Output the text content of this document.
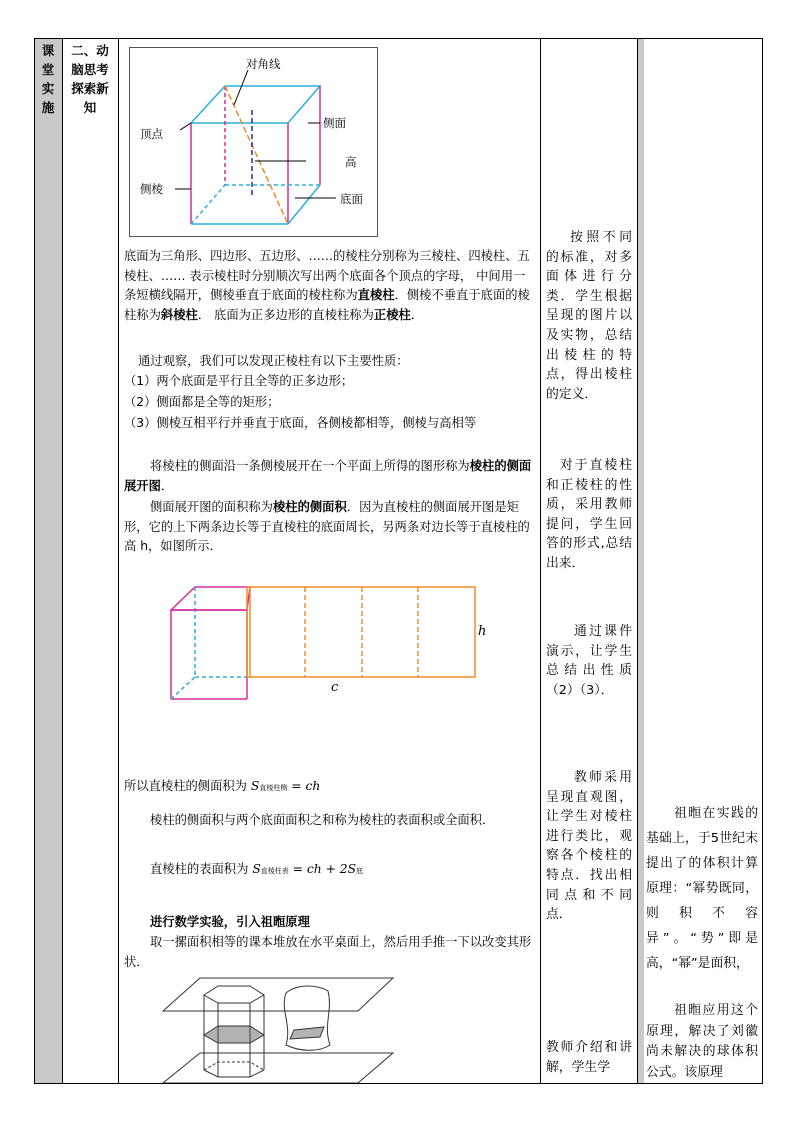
课堂实施
二、动脑思考探索新知
对角线
顶点
侧面
高
侧棱
底面
底面为三角形、四边形、五边形、……的棱柱分别称为三棱柱、四棱柱、五棱柱、…… 表示棱柱时分别顺次写出两个底面各个顶点的字母， 中间用一条短横线隔开，侧棱垂直于底面的棱柱称为直棱柱．侧棱不垂直于底面的棱柱称为斜棱柱． 底面为正多边形的直棱柱称为正棱柱．
通过观察，我们可以发现正棱柱有以下主要性质：
（1）两个底面是平行且全等的正多边形；
（2）侧面都是全等的矩形；
（3）侧棱互相平行并垂直于底面，各侧棱都相等，侧棱与高相等
将棱柱的侧面沿一条侧棱展开在一个平面上所得的图形称为棱柱的侧面展开图．
侧面展开图的面积称为棱柱的侧面积．因为直棱柱的侧面展开图是矩形，它的上下两条边长等于直棱柱的底面周长，另两条对边长等于直棱柱的高 h，如图所示．
h
c
所以直棱柱的侧面积为 S直棱柱侧 = ch
棱柱的侧面积与两个底面面积之和称为棱柱的表面积或全面积．
直棱柱的表面积为 S直棱柱表 = ch + 2S底
进行数学实验，引入祖暅原理
取一摞面积相等的课本堆放在水平桌面上，然后用手推一下以改变其形状．
按照不同的标准，对多面体进行分类．学生根据呈现的图片以及实物，总结出棱柱的特点，得出棱柱的定义．
对于直棱柱和正棱柱的性质，采用教师提问，学生回答的形式,总结出来．
通过课件演示，让学生总结出性质（2）（3）．
教师采用呈现直观图，让学生对棱柱进行类比，观察各个棱柱的特点．找出相同点和不同点．
教师介绍和讲解，学生学
祖暅在实践的基础上，于5世纪末提出了的体积计算原理：“幂势既同，则积不容异”。“势”即是高，“幂”是面积，
祖暅应用这个原理，解决了刘徽尚未解决的球体积公式。该原理
